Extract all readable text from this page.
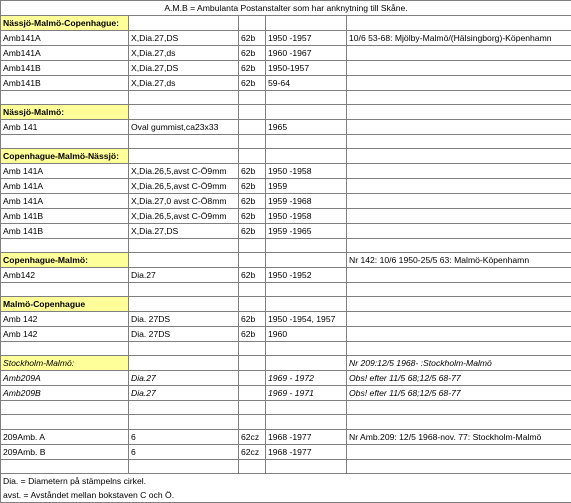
A.M.B = Ambulanta Postanstalter som har anknytning till Skåne.				
Nässjö-Malmö-Copenhague:				
Amb141A	X,Dia.27,DS	62b	1950 -1957	10/6 53-68: Mjölby-Malmö/(Hälsingborg)-Köpenhamn
Amb141A	X,Dia.27,ds	62b	1960 -1967	
Amb141B	X,Dia.27,DS	62b	1950-1957	
Amb141B	X,Dia.27,ds	62b	59-64	

Nässjö-Malmö:				
Amb 141	Oval gummist,ca23x33		1965	

Copenhague-Malmö-Nässjö:				
Amb 141A	X,Dia.26,5,avst C-Ö9mm	62b	1950 -1958	
Amb 141A	X,Dia.26,5,avst C-Ö9mm	62b	1959	
Amb 141A	X,Dia.27,0 avst C-Ö8mm	62b	1959 -1968	
Amb 141B	X,Dia.26,5,avst C-Ö9mm	62b	1950 -1958	
Amb 141B	X,Dia.27,DS	62b	1959 -1965	

Copenhague-Malmö:				Nr 142: 10/6 1950-25/5 63: Malmö-Köpenhamn
Amb142	Dia.27	62b	1950 -1952	

Malmö-Copenhague				
Amb 142	Dia. 27DS	62b	1950 -1954, 1957	
Amb 142	Dia. 27DS	62b	1960	

Stockholm-Malmö:				Nr 209:12/5 1968- :Stockholm-Malmö
Amb209A	Dia.27		1969 - 1972	Obs! efter 11/5 68;12/5 68-77
Amb209B	Dia.27		1969 - 1971	Obs! efter 11/5 68;12/5 68-77

209Amb. A	6	62cz	1968 -1977	Nr Amb.209: 12/5 1968-nov. 77: Stockholm-Malmö
209Amb. B	6	62cz	1968 -1977	

Dia. = Diametern på stämpelns cirkel.				
avst. = Avståndet mellan bokstaven C och Ö.				
